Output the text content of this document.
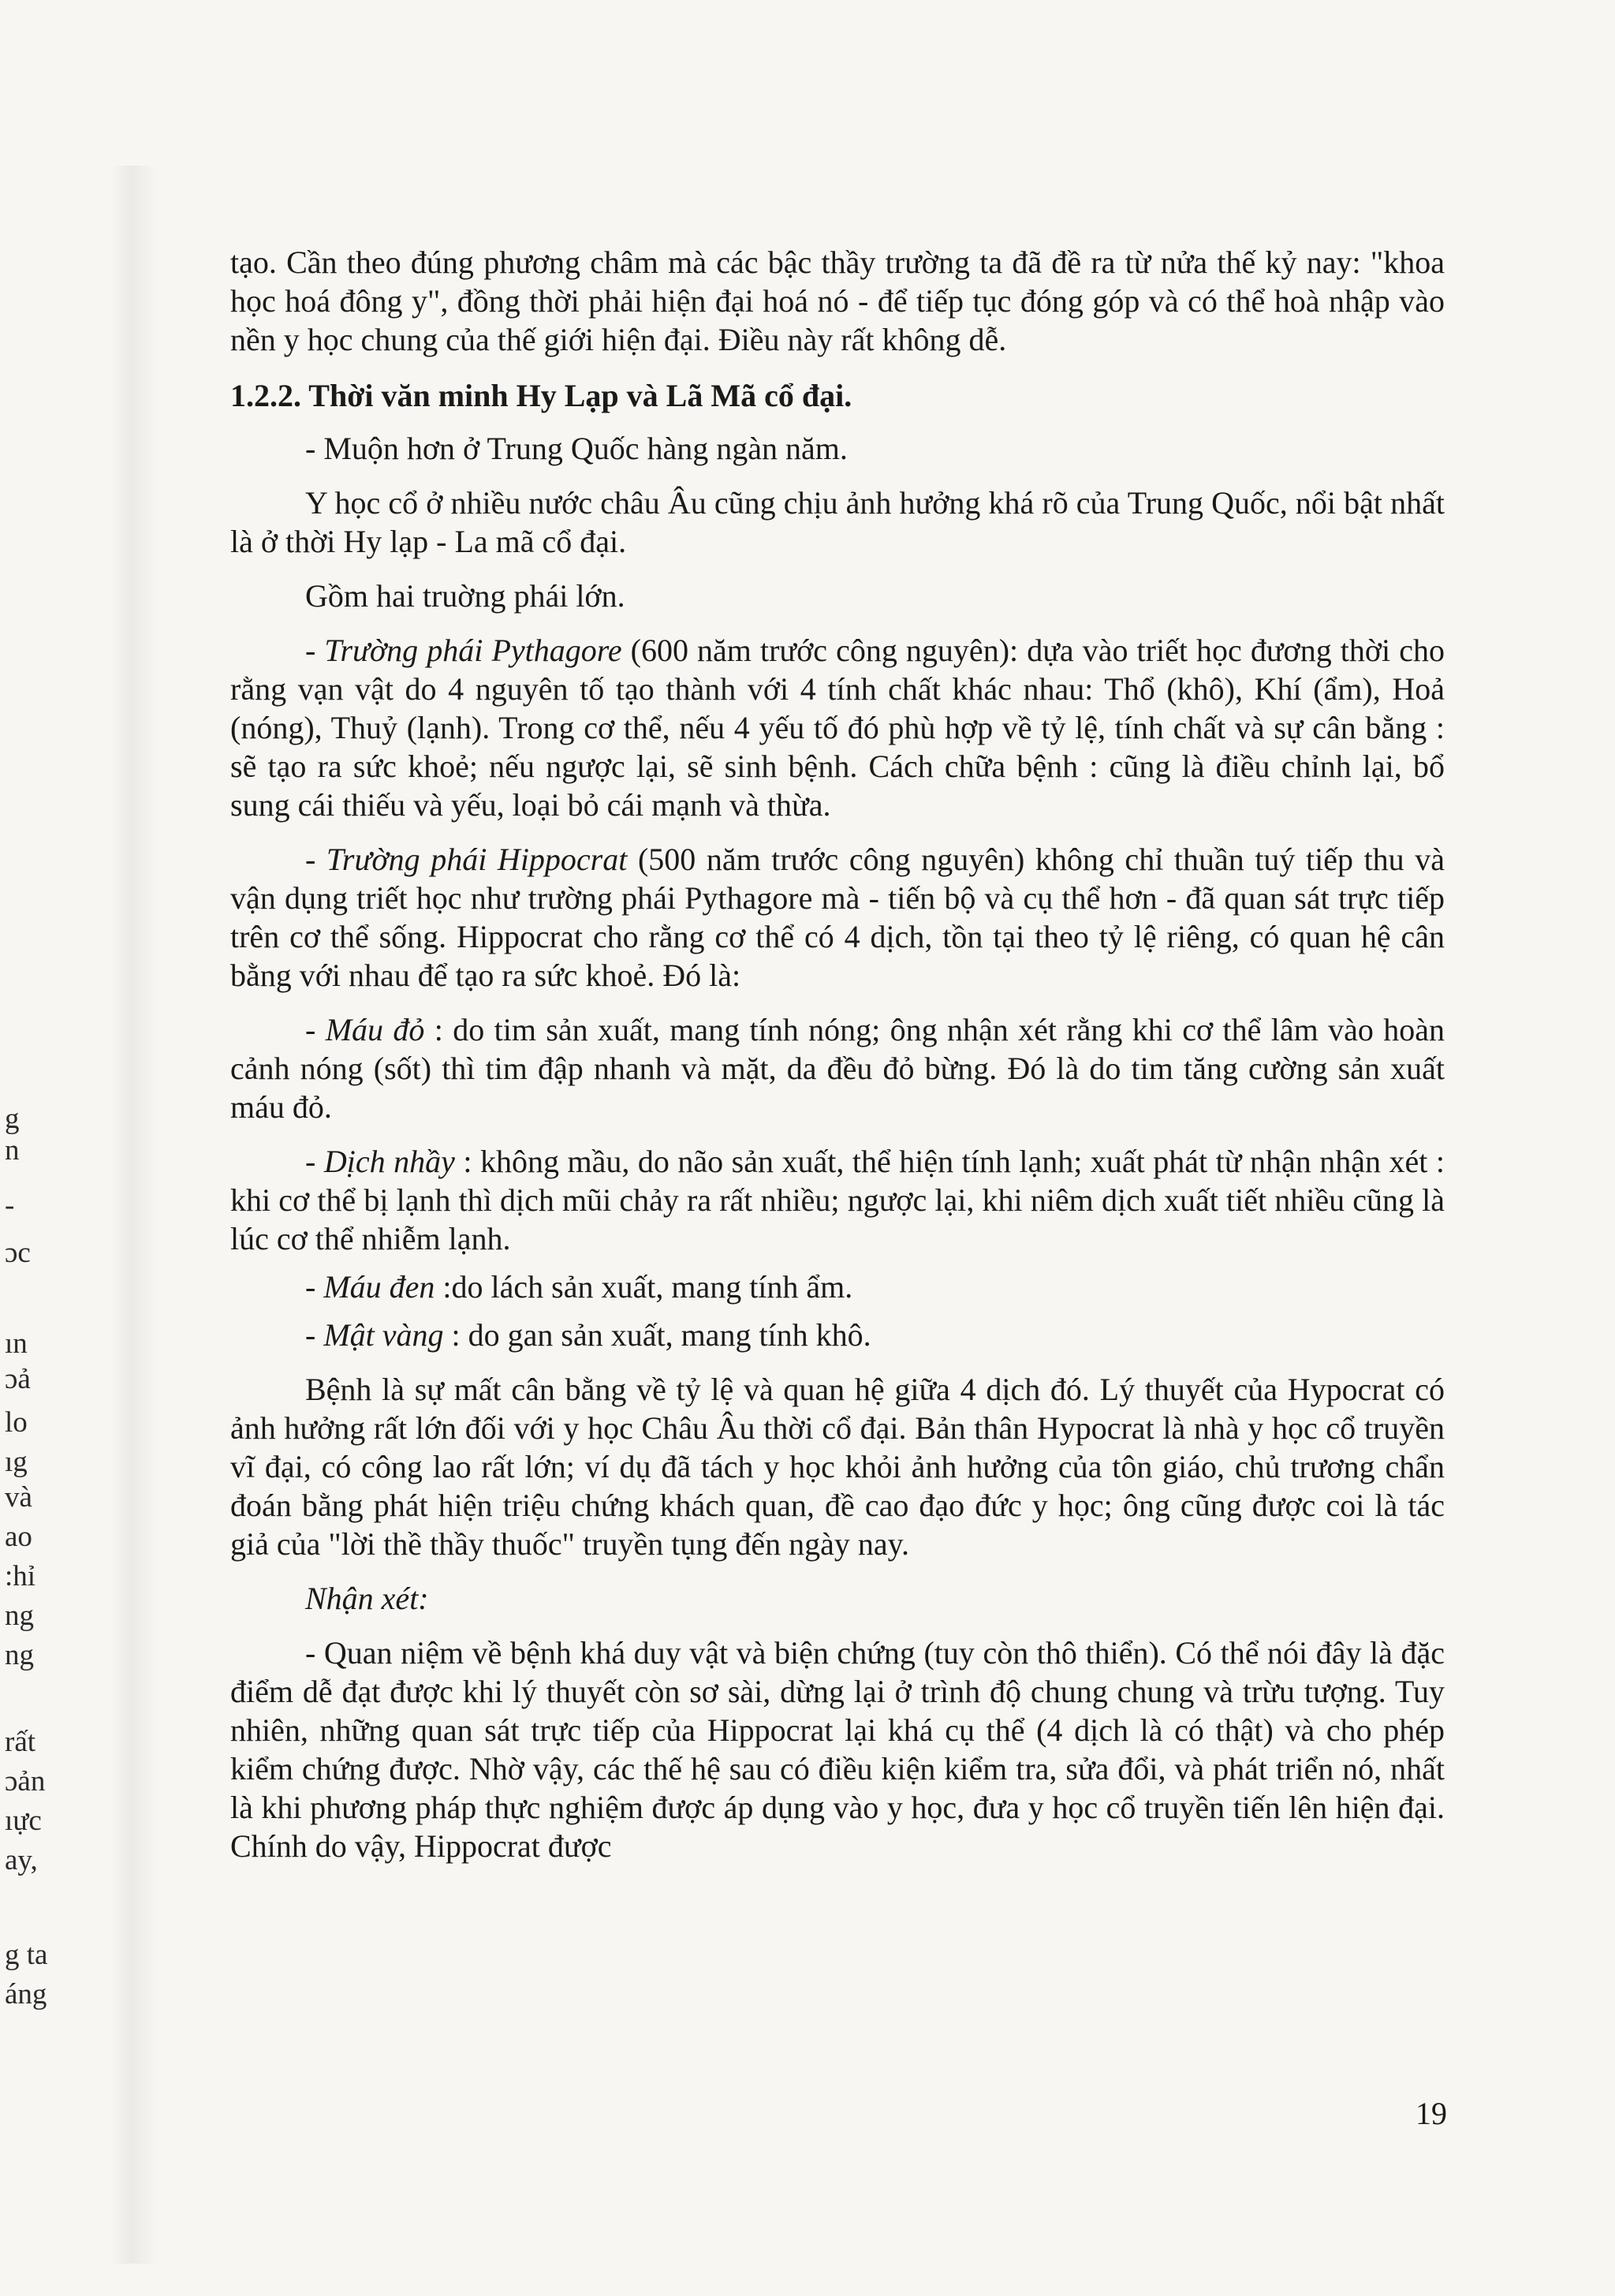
g
n
-
ɔc
ın
ɔả
lo
ıg
và
ao
:hỉ
ng
ng
rất
ɔản
ıực
ay,
g ta
áng

tạo. Cần theo đúng phương châm mà các bậc thầy trường ta đã đề ra từ nửa thế kỷ nay: "khoa học hoá đông y", đồng thời phải hiện đại hoá nó - để tiếp tục đóng góp và có thể hoà nhập vào nền y học chung của thế giới hiện đại. Điều này rất không dễ.

1.2.2. Thời văn minh Hy Lạp và Lã Mã cổ đại.

- Muộn hơn ở Trung Quốc hàng ngàn năm.

Y học cổ ở nhiều nước châu Âu cũng chịu ảnh hưởng khá rõ của Trung Quốc, nổi bật nhất là ở thời Hy lạp - La mã cổ đại.

Gồm hai truờng phái lớn.

- Trường phái Pythagore (600 năm trước công nguyên): dựa vào triết học đương thời cho rằng vạn vật do 4 nguyên tố tạo thành với 4 tính chất khác nhau: Thổ (khô), Khí (ẩm), Hoả (nóng), Thuỷ (lạnh). Trong cơ thể, nếu 4 yếu tố đó phù hợp về tỷ lệ, tính chất và sự cân bằng : sẽ tạo ra sức khoẻ; nếu ngược lại, sẽ sinh bệnh. Cách chữa bệnh : cũng là điều chỉnh lại, bổ sung cái thiếu và yếu, loại bỏ cái mạnh và thừa.

- Trường phái Hippocrat (500 năm trước công nguyên) không chỉ thuần tuý tiếp thu và vận dụng triết học như trường phái Pythagore mà - tiến bộ và cụ thể hơn - đã quan sát trực tiếp trên cơ thể sống. Hippocrat cho rằng cơ thể có 4 dịch, tồn tại theo tỷ lệ riêng, có quan hệ cân bằng với nhau để tạo ra sức khoẻ. Đó là:

- Máu đỏ : do tim sản xuất, mang tính nóng; ông nhận xét rằng khi cơ thể lâm vào hoàn cảnh nóng (sốt) thì tim đập nhanh và mặt, da đều đỏ bừng. Đó là do tim tăng cường sản xuất máu đỏ.

- Dịch nhầy : không mầu, do não sản xuất, thể hiện tính lạnh; xuất phát từ nhận nhận xét : khi cơ thể bị lạnh thì dịch mũi chảy ra rất nhiều; ngược lại, khi niêm dịch xuất tiết nhiều cũng là lúc cơ thể nhiễm lạnh.

- Máu đen :do lách sản xuất, mang tính ẩm.

- Mật vàng : do gan sản xuất, mang tính khô.

Bệnh là sự mất cân bằng về tỷ lệ và quan hệ giữa 4 dịch đó. Lý thuyết của Hypocrat có ảnh hưởng rất lớn đối với y học Châu Âu thời cổ đại. Bản thân Hypocrat là nhà y học cổ truyền vĩ đại, có công lao rất lớn; ví dụ đã tách y học khỏi ảnh hưởng của tôn giáo, chủ trương chẩn đoán bằng phát hiện triệu chứng khách quan, đề cao đạo đức y học; ông cũng được coi là tác giả của "lời thề thầy thuốc" truyền tụng đến ngày nay.

Nhận xét:

- Quan niệm về bệnh khá duy vật và biện chứng (tuy còn thô thiển). Có thể nói đây là đặc điểm dễ đạt được khi lý thuyết còn sơ sài, dừng lại ở trình độ chung chung và trừu tượng. Tuy nhiên, những quan sát trực tiếp của Hippocrat lại khá cụ thể (4 dịch là có thật) và cho phép kiểm chứng được. Nhờ vậy, các thế hệ sau có điều kiện kiểm tra, sửa đổi, và phát triển nó, nhất là khi phương pháp thực nghiệm được áp dụng vào y học, đưa y học cổ truyền tiến lên hiện đại. Chính do vậy, Hippocrat được

19
